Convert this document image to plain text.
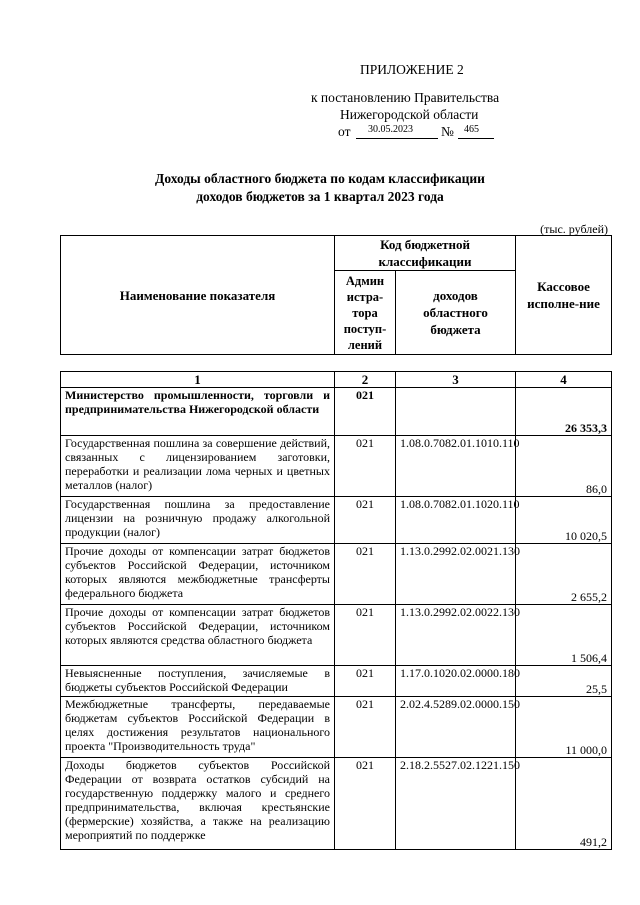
ПРИЛОЖЕНИЕ 2
к постановлению Правительства
Нижегородской области
от 30.05.2023 № 465
Доходы областного бюджета по кодам классификации
доходов бюджетов за 1 квартал 2023 года
(тыс. рублей)
Наименование показателя	Код бюджетной классификации		Кассовое исполне-ние
	Админ истра-тора поступ-лений	доходов областного бюджета	
1	2	3	4
Министерство промышленности, торговли и предпринимательства Нижегородской области	021		26 353,3
Государственная пошлина за совершение действий, связанных с лицензированием заготовки, переработки и реализации лома черных и цветных металлов (налог)	021	1.08.0.7082.01.1010.110	86,0
Государственная пошлина за предоставление лицензии на розничную продажу алкогольной продукции (налог)	021	1.08.0.7082.01.1020.110	10 020,5
Прочие доходы от компенсации затрат бюджетов субъектов Российской Федерации, источником которых являются межбюджетные трансферты федерального бюджета	021	1.13.0.2992.02.0021.130	2 655,2
Прочие доходы от компенсации затрат бюджетов субъектов Российской Федерации, источником которых являются средства областного бюджета	021	1.13.0.2992.02.0022.130	1 506,4
Невыясненные поступления, зачисляемые в бюджеты субъектов Российской Федерации	021	1.17.0.1020.02.0000.180	25,5
Межбюджетные трансферты, передаваемые бюджетам субъектов Российской Федерации в целях достижения результатов национального проекта "Производительность труда"	021	2.02.4.5289.02.0000.150	11 000,0
Доходы бюджетов субъектов Российской Федерации от возврата остатков субсидий на государственную поддержку малого и среднего предпринимательства, включая крестьянские (фермерские) хозяйства, а также на реализацию мероприятий по поддержке	021	2.18.2.5527.02.1221.150	491,2
